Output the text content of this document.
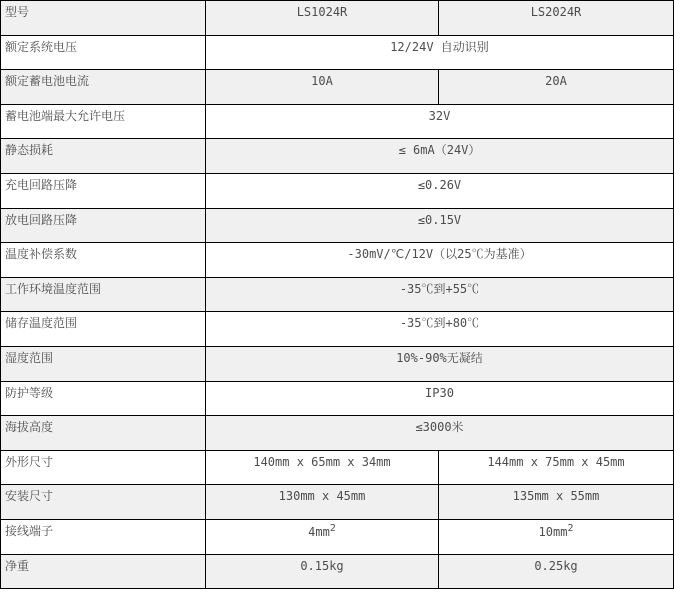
型号	LS1024R	LS2024R
额定系统电压	12/24V 自动识别	
额定蓄电池电流	10A	20A
蓄电池端最大允许电压	32V	
静态损耗	≤ 6mA（24V）	
充电回路压降	≤0.26V	
放电回路压降	≤0.15V	
温度补偿系数	-30mV/℃/12V（以25℃为基准）	
工作环境温度范围	-35℃到+55℃	
储存温度范围	-35℃到+80℃	
湿度范围	10%-90%无凝结	
防护等级	IP30	
海拔高度	≤3000米	
外形尺寸	140mm x 65mm x 34mm	144mm x 75mm x 45mm
安装尺寸	130mm x 45mm	135mm x 55mm
接线端子	$4mm^2$	$10mm^2$
净重	0.15kg	0.25kg
